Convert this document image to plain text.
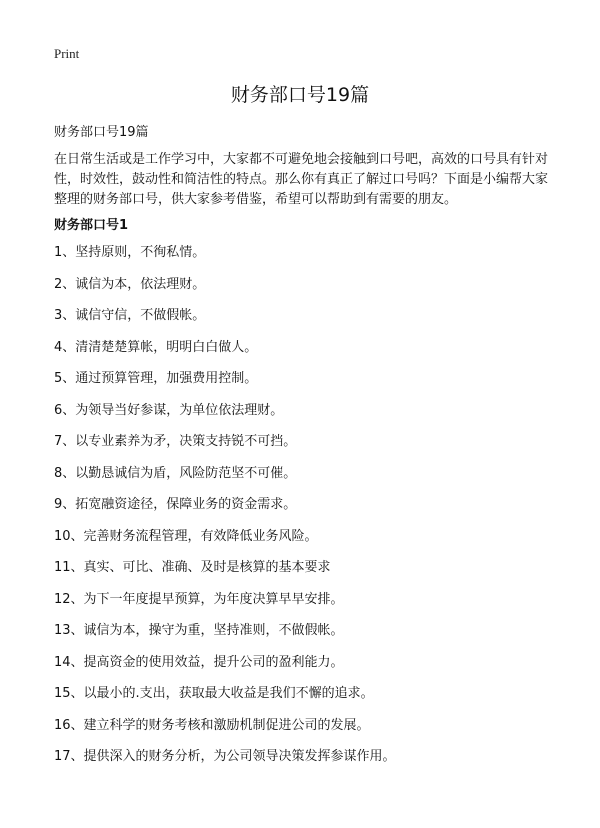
Print
财务部口号19篇
财务部口号19篇

在日常生活或是工作学习中，大家都不可避免地会接触到口号吧，高效的口号具有针对性，时效性，鼓动性和简洁性的特点。那么你有真正了解过口号吗？下面是小编帮大家整理的财务部口号，供大家参考借鉴，希望可以帮助到有需要的朋友。

财务部口号1
1、坚持原则，不徇私情。
2、诚信为本，依法理财。
3、诚信守信，不做假帐。
4、清清楚楚算帐，明明白白做人。
5、通过预算管理，加强费用控制。
6、为领导当好参谋，为单位依法理财。
7、以专业素养为矛，决策支持锐不可挡。
8、以勤恳诚信为盾，风险防范坚不可催。
9、拓宽融资途径，保障业务的资金需求。
10、完善财务流程管理，有效降低业务风险。
11、真实、可比、准确、及时是核算的基本要求
12、为下一年度提早预算，为年度决算早早安排。
13、诚信为本，操守为重，坚持准则，不做假帐。
14、提高资金的使用效益，提升公司的盈利能力。
15、以最小的.支出，获取最大收益是我们不懈的追求。
16、建立科学的财务考核和激励机制促进公司的发展。
17、提供深入的财务分析，为公司领导决策发挥参谋作用。
